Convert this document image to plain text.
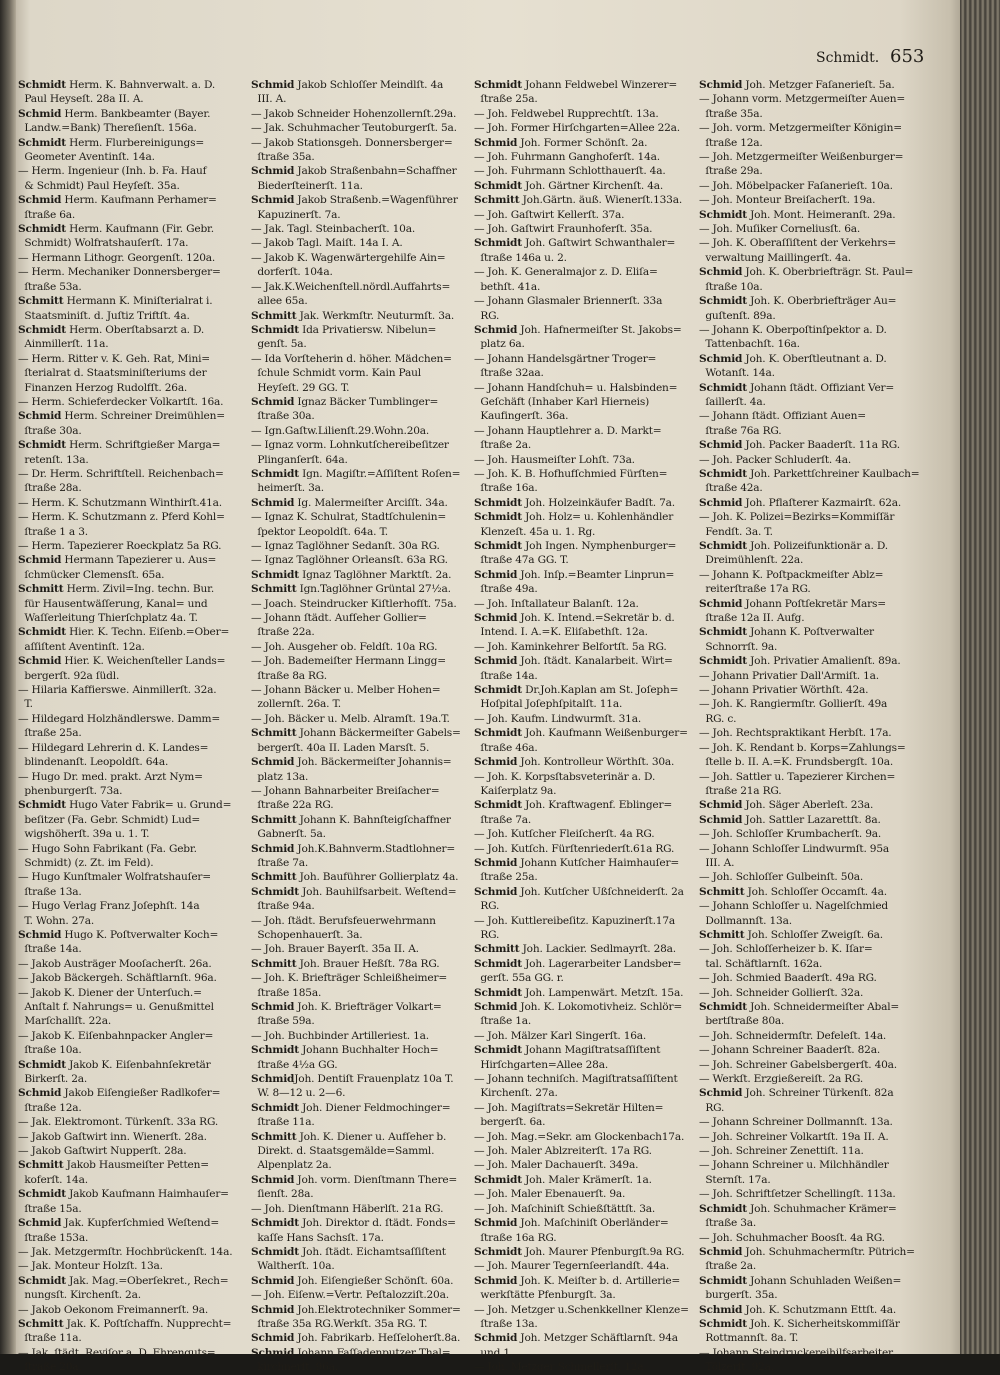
Schmidt. 653
Schmidt Herm. K. Bahnverwalt. a. D.
Paul Heyseſt. 28a II. A.
Schmid Herm. Bankbeamter (Bayer.
Landw.=Bank) Thereſienſt. 156a.
Schmidt Herm. Flurbereinigungs=
Geometer Aventinſt. 14a.
— Herm. Ingenieur (Inh. b. Fa. Hauf
& Schmidt) Paul Heyſeſt. 35a.
Schmid Herm. Kaufmann Perhamer=
ſtraße 6a.
Schmidt Herm. Kaufmann (Fir. Gebr.
Schmidt) Wolfratshauſerſt. 17a.
— Hermann Lithogr. Georgenſt. 120a.
— Herm. Mechaniker Donnersberger=
ſtraße 53a.
Schmitt Hermann K. Miniſterialrat i.
Staatsminiſt. d. Juſtiz Triftſt. 4a.
Schmidt Herm. Oberſtabsarzt a. D.
Ainmillerſt. 11a.
— Herm. Ritter v. K. Geh. Rat, Mini=
ſterialrat d. Staatsminiſteriums der
Finanzen Herzog Rudolfſt. 26a.
— Herm. Schieferdecker Volkartſt. 16a.
Schmid Herm. Schreiner Dreimühlen=
ſtraße 30a.
Schmidt Herm. Schriftgießer Marga=
retenſt. 13a.
— Dr. Herm. Schriftſtell. Reichenbach=
ſtraße 28a.
— Herm. K. Schutzmann Winthirſt.41a.
— Herm. K. Schutzmann z. Pferd Kohl=
ſtraße 1 a 3.
— Herm. Tapezierer Roeckplatz 5a RG.
Schmid Hermann Tapezierer u. Aus=
ſchmücker Clemensſt. 65a.
Schmitt Herm. Zivil=Ing. techn. Bur.
für Hausentwäſſerung, Kanal= und
Waſſerleitung Thierſchplatz 4a. T.
Schmidt Hier. K. Techn. Eiſenb.=Ober=
aſſiſtent Aventinſt. 12a.
Schmid Hier. K. Weichenſteller Lands=
bergerſt. 92a ſüdl.
— Hilaria Kaffierswe. Ainmillerſt. 32a.
T.
— Hildegard Holzhändlerswe. Damm=
ſtraße 25a.
— Hildegard Lehrerin d. K. Landes=
blindenanſt. Leopoldſt. 64a.
— Hugo Dr. med. prakt. Arzt Nym=
phenburgerſt. 73a.
Schmidt Hugo Vater Fabrik= u. Grund=
beſitzer (Fa. Gebr. Schmidt) Lud=
wigshöherſt. 39a u. 1. T.
— Hugo Sohn Fabrikant (Fa. Gebr.
Schmidt) (z. Zt. im Feld).
— Hugo Kunſtmaler Wolfratshauſer=
ſtraße 13a.
— Hugo Verlag Franz Joſephſt. 14a
T. Wohn. 27a.
Schmid Hugo K. Poſtverwalter Koch=
ſtraße 14a.
— Jakob Austräger Mooſacherſt. 26a.
— Jakob Bäckergeh. Schäftlarnſt. 96a.
— Jakob K. Diener der Unterſuch.=
Anſtalt f. Nahrungs= u. Genußmittel
Marſchallſt. 22a.
— Jakob K. Eiſenbahnpacker Angler=
ſtraße 10a.
Schmidt Jakob K. Eiſenbahnſekretär
Birkerſt. 2a.
Schmid Jakob Eiſengießer Radlkofer=
ſtraße 12a.
— Jak. Elektromont. Türkenſt. 33a RG.
— Jakob Gaſtwirt inn. Wienerſt. 28a.
— Jakob Gaſtwirt Nupperſt. 28a.
Schmitt Jakob Hausmeiſter Petten=
koferſt. 14a.
Schmidt Jakob Kaufmann Haimhauſer=
ſtraße 15a.
Schmid Jak. Kupferſchmied Weſtend=
ſtraße 153a.
— Jak. Metzgermſtr. Hochbrückenſt. 14a.
— Jak. Monteur Holzſt. 13a.
Schmidt Jak. Mag.=Oberſekret., Rech=
nungsſt. Kirchenſt. 2a.
— Jakob Oekonom Freimannerſt. 9a.
Schmitt Jak. K. Poſtſchaffn. Nupprecht=
ſtraße 11a.
— Jak. ſtädt. Reviſor a. D. Ehrenguts=
ſtraße 20a.
Schmid Jakob Schloſſer Meindlſt. 4a
III. A.
— Jakob Schneider Hohenzollernſt.29a.
— Jak. Schuhmacher Teutoburgerſt. 5a.
— Jakob Stationsgeh. Donnersberger=
ſtraße 35a.
Schmid Jakob Straßenbahn=Schaffner
Biederſteinerſt. 11a.
Schmid Jakob Straßenb.=Wagenführer
Kapuzinerſt. 7a.
— Jak. Tagl. Steinbacherſt. 10a.
— Jakob Tagl. Maiſt. 14a I. A.
— Jakob K. Wagenwärtergehilfe Ain=
dorferſt. 104a.
— Jak.K.Weichenſtell.nördl.Auffahrts=
allee 65a.
Schmitt Jak. Werkmſtr. Neuturmſt. 3a.
Schmidt Ida Privatiersw. Nibelun=
genſt. 5a.
— Ida Vorſteherin d. höher. Mädchen=
ſchule Schmidt vorm. Kain Paul
Heyſeſt. 29 GG. T.
Schmid Ignaz Bäcker Tumblinger=
ſtraße 30a.
— Ign.Gaſtw.Lilienſt.29.Wohn.20a.
— Ignaz vorm. Lohnkutſchereibeſitzer
Plinganſerſt. 64a.
Schmidt Ign. Magiſtr.=Aſſiſtent Roſen=
heimerſt. 3a.
Schmid Ig. Malermeiſter Arciſſt. 34a.
— Ignaz K. Schulrat, Stadtſchulenin=
ſpektor Leopoldſt. 64a. T.
— Ignaz Taglöhner Sedanſt. 30a RG.
— Ignaz Taglöhner Orleansſt. 63a RG.
Schmidt Ignaz Taglöhner Marktſt. 2a.
Schmitt Ign.Taglöhner Grüntal 27½a.
— Joach. Steindrucker Kiſtlerhofſt. 75a.
— Johann ſtädt. Aufſeher Gollier=
ſtraße 22a.
— Joh. Ausgeher ob. Feldſt. 10a RG.
— Joh. Bademeiſter Hermann Lingg=
ſtraße 8a RG.
— Johann Bäcker u. Melber Hohen=
zollernſt. 26a. T.
— Joh. Bäcker u. Melb. Alramſt. 19a.T.
Schmitt Johann Bäckermeiſter Gabels=
bergerſt. 40a II. Laden Marsſt. 5.
Schmid Joh. Bäckermeiſter Johannis=
platz 13a.
— Johann Bahnarbeiter Breiſacher=
ſtraße 22a RG.
Schmitt Johann K. Bahnſteigſchaffner
Gabnerſt. 5a.
Schmid Joh.K.Bahnverm.Stadtlohner=
ſtraße 7a.
Schmitt Joh. Bauführer Gollierplatz 4a.
Schmidt Joh. Bauhilfsarbeit. Weſtend=
ſtraße 94a.
— Joh. ſtädt. Berufsfeuerwehrmann
Schopenhauerſt. 3a.
— Joh. Brauer Bayerſt. 35a II. A.
Schmitt Joh. Brauer Heßſt. 78a RG.
— Joh. K. Briefträger Schleißheimer=
ſtraße 185a.
Schmid Joh. K. Briefträger Volkart=
ſtraße 59a.
— Joh. Buchbinder Artilleriest. 1a.
Schmidt Johann Buchhalter Hoch=
ſtraße 4½a GG.
SchmidJoh. Dentiſt Frauenplatz 10a T.
W. 8—12 u. 2—6.
Schmidt Joh. Diener Feldmochinger=
ſtraße 11a.
Schmitt Joh. K. Diener u. Aufſeher b.
Direkt. d. Staatsgemälde=Samml.
Alpenplatz 2a.
Schmid Joh. vorm. Dienſtmann There=
ſienſt. 28a.
— Joh. Dienſtmann Häberlſt. 21a RG.
Schmidt Joh. Direktor d. ſtädt. Fonds=
kaſſe Hans Sachsſt. 17a.
Schmidt Joh. ſtädt. Eichamtsaſſiſtent
Waltherſt. 10a.
Schmid Joh. Eiſengießer Schönſt. 60a.
— Joh. Eiſenw.=Vertr. Peſtalozziſt.20a.
Schmid Joh.Elektrotechniker Sommer=
ſtraße 35a RG.Werkſt. 35a RG. T.
Schmid Joh. Fabrikarb. Heſſeloherſt.8a.
Schmid Johann Faſſadenputzer Thal=
kirchnerſt. 96a.
Schmidt Johann Feldwebel Winzerer=
ſtraße 25a.
— Joh. Feldwebel Rupprechtſt. 13a.
— Joh. Former Hirſchgarten=Allee 22a.
Schmid Joh. Former Schönſt. 2a.
— Joh. Fuhrmann Ganghoferſt. 14a.
— Joh. Fuhrmann Schlotthauerſt. 4a.
Schmidt Joh. Gärtner Kirchenſt. 4a.
Schmitt Joh.Gärtn. äuß. Wienerſt.133a.
— Joh. Gaſtwirt Kellerſt. 37a.
— Joh. Gaſtwirt Fraunhoferſt. 35a.
Schmidt Joh. Gaſtwirt Schwanthaler=
ſtraße 146a u. 2.
— Joh. K. Generalmajor z. D. Eliſa=
bethſt. 41a.
— Johann Glasmaler Briennerſt. 33a
RG.
Schmid Joh. Hafnermeiſter St. Jakobs=
platz 6a.
— Johann Handelsgärtner Troger=
ſtraße 32aa.
— Johann Handſchuh= u. Halsbinden=
Geſchäft (Inhaber Karl Hierneis)
Kaufingerſt. 36a.
— Johann Hauptlehrer a. D. Markt=
ſtraße 2a.
— Joh. Hausmeiſter Lohſt. 73a.
— Joh. K. B. Hofhufſchmied Fürſten=
ſtraße 16a.
Schmidt Joh. Holzeinkäufer Badſt. 7a.
Schmidt Joh. Holz= u. Kohlenhändler
Klenzeſt. 45a u. 1. Rg.
Schmidt Joh Ingen. Nymphenburger=
ſtraße 47a GG. T.
Schmid Joh. Inſp.=Beamter Linprun=
ſtraße 49a.
— Joh. Inſtallateur Balanſt. 12a.
Schmid Joh. K. Intend.=Sekretär b. d.
Intend. I. A.=K. Eliſabethſt. 12a.
— Joh. Kaminkehrer Belfortſt. 5a RG.
Schmid Joh. ſtädt. Kanalarbeit. Wirt=
ſtraße 14a.
Schmidt Dr.Joh.Kaplan am St. Joſeph=
Hoſpital Joſephſpitalſt. 11a.
— Joh. Kaufm. Lindwurmſt. 31a.
Schmidt Joh. Kaufmann Weißenburger=
ſtraße 46a.
Schmid Joh. Kontrolleur Wörthſt. 30a.
— Joh. K. Korpsſtabsveterinär a. D.
Kaiſerplatz 9a.
Schmidt Joh. Kraftwagenf. Eblinger=
ſtraße 7a.
— Joh. Kutſcher Fleiſcherſt. 4a RG.
— Joh. Kutſch. Fürſtenriederſt.61a RG.
Schmid Johann Kutſcher Haimhauſer=
ſtraße 25a.
Schmid Joh. Kutſcher Ußſchneiderſt. 2a
RG.
— Joh. Kuttlereibeſitz. Kapuzinerſt.17a
RG.
Schmitt Joh. Lackier. Sedlmayrſt. 28a.
Schmidt Joh. Lagerarbeiter Landsber=
gerſt. 55a GG. r.
Schmidt Joh. Lampenwärt. Metzſt. 15a.
Schmid Joh. K. Lokomotivheiz. Schlör=
ſtraße 1a.
— Joh. Mälzer Karl Singerſt. 16a.
Schmidt Johann Magiſtratsaſſiſtent
Hirſchgarten=Allee 28a.
— Johann techniſch. Magiſtratsaſſiſtent
Kirchenſt. 27a.
— Joh. Magiſtrats=Sekretär Hilten=
bergerſt. 6a.
— Joh. Mag.=Sekr. am Glockenbach17a.
— Joh. Maler Ablzreiterſt. 17a RG.
— Joh. Maler Dachauerſt. 349a.
Schmidt Joh. Maler Krämerſt. 1a.
— Joh. Maler Ebenauerſt. 9a.
— Joh. Maſchiniſt Schießſtättſt. 3a.
Schmid Joh. Maſchiniſt Oberländer=
ſtraße 16a RG.
Schmidt Joh. Maurer Pfenburgſt.9a RG.
— Joh. Maurer Tegernſeerlandſt. 44a.
Schmid Joh. K. Meiſter b. d. Artillerie=
werkſtätte Pfenburgſt. 3a.
— Joh. Metzger u.Schenkkellner Klenze=
ſtraße 13a.
Schmid Joh. Metzger Schäftlarnſt. 94a
und 1.
— Joh. Metzger Schmellerſt. 12a.
Schmid Joh. Metzger Faſanerieſt. 5a.
— Johann vorm. Metzgermeiſter Auen=
ſtraße 35a.
— Joh. vorm. Metzgermeiſter Königin=
ſtraße 12a.
— Joh. Metzgermeiſter Weißenburger=
ſtraße 29a.
— Joh. Möbelpacker Faſanerieſt. 10a.
— Joh. Monteur Breiſacherſt. 19a.
Schmidt Joh. Mont. Heimeranſt. 29a.
— Joh. Muſiker Corneliusſt. 6a.
— Joh. K. Oberaſſiſtent der Verkehrs=
verwaltung Maillingerſt. 4a.
Schmid Joh. K. Oberbriefträgr. St. Paul=
ſtraße 10a.
Schmidt Joh. K. Oberbriefträger Au=
guſtenſt. 89a.
— Johann K. Oberpoſtinſpektor a. D.
Tattenbachſt. 16a.
Schmid Joh. K. Oberſtleutnant a. D.
Wotanſt. 14a.
Schmidt Johann ſtädt. Offiziant Ver=
ſaillerſt. 4a.
— Johann ſtädt. Offiziant Auen=
ſtraße 76a RG.
Schmid Joh. Packer Baaderſt. 11a RG.
— Joh. Packer Schluderſt. 4a.
Schmidt Joh. Parkettſchreiner Kaulbach=
ſtraße 42a.
Schmid Joh. Pflaſterer Kazmairſt. 62a.
— Joh. K. Polizei=Bezirks=Kommiſſär
Fendſt. 3a. T.
Schmidt Joh. Polizeifunktionär a. D.
Dreimühlenſt. 22a.
— Johann K. Poſtpackmeiſter Ablz=
reiterſtraße 17a RG.
Schmid Johann Poſtſekretär Mars=
ſtraße 12a II. Aufg.
Schmidt Johann K. Poſtverwalter
Schnorrſt. 9a.
Schmidt Joh. Privatier Amalienſt. 89a.
— Johann Privatier Dall'Armiſt. 1a.
— Johann Privatier Wörthſt. 42a.
— Joh. K. Rangiermſtr. Gollierſt. 49a
RG. c.
— Joh. Rechtspraktikant Herbſt. 17a.
— Joh. K. Rendant b. Korps=Zahlungs=
ſtelle b. II. A.=K. Frundsbergſt. 10a.
— Joh. Sattler u. Tapezierer Kirchen=
ſtraße 21a RG.
Schmid Joh. Säger Aberleſt. 23a.
Schmid Joh. Sattler Lazarettſt. 8a.
— Joh. Schloſſer Krumbacherſt. 9a.
— Johann Schloſſer Lindwurmſt. 95a
III. A.
— Joh. Schloſſer Gulbeinſt. 50a.
Schmitt Joh. Schloſſer Occamſt. 4a.
— Johann Schloſſer u. Nagelſchmied
Dollmannſt. 13a.
Schmitt Joh. Schloſſer Zweigſt. 6a.
— Joh. Schloſſerheizer b. K. Iſar=
tal. Schäftlarnſt. 162a.
— Joh. Schmied Baaderſt. 49a RG.
— Joh. Schneider Gollierſt. 32a.
Schmidt Joh. Schneidermeiſter Abal=
bertſtraße 80a.
— Joh. Schneidermſtr. Defeleſt. 14a.
— Johann Schreiner Baaderſt. 82a.
— Joh. Schreiner Gabelsbergerſt. 40a.
— Werkſt. Erzgießereiſt. 2a RG.
Schmid Joh. Schreiner Türkenſt. 82a
RG.
— Johann Schreiner Dollmannſt. 13a.
— Joh. Schreiner Volkartſt. 19a II. A.
— Joh. Schreiner Zenettiſt. 11a.
— Johann Schreiner u. Milchhändler
Sternſt. 17a.
— Joh. Schriftſetzer Schellingſt. 113a.
Schmidt Joh. Schuhmacher Krämer=
ſtraße 3a.
— Joh. Schuhmacher Boosſt. 4a RG.
Schmid Joh. Schuhmachermſtr. Pütrich=
ſtraße 2a.
Schmidt Johann Schuhladen Weißen=
burgerſt. 35a.
Schmid Joh. K. Schutzmann Ettſt. 4a.
Schmidt Joh. K. Sicherheitskommiſſär
Rottmannſt. 8a. T.
— Johann Steindruckereihilfsarbeiter
Tölzerſt. 92a.
